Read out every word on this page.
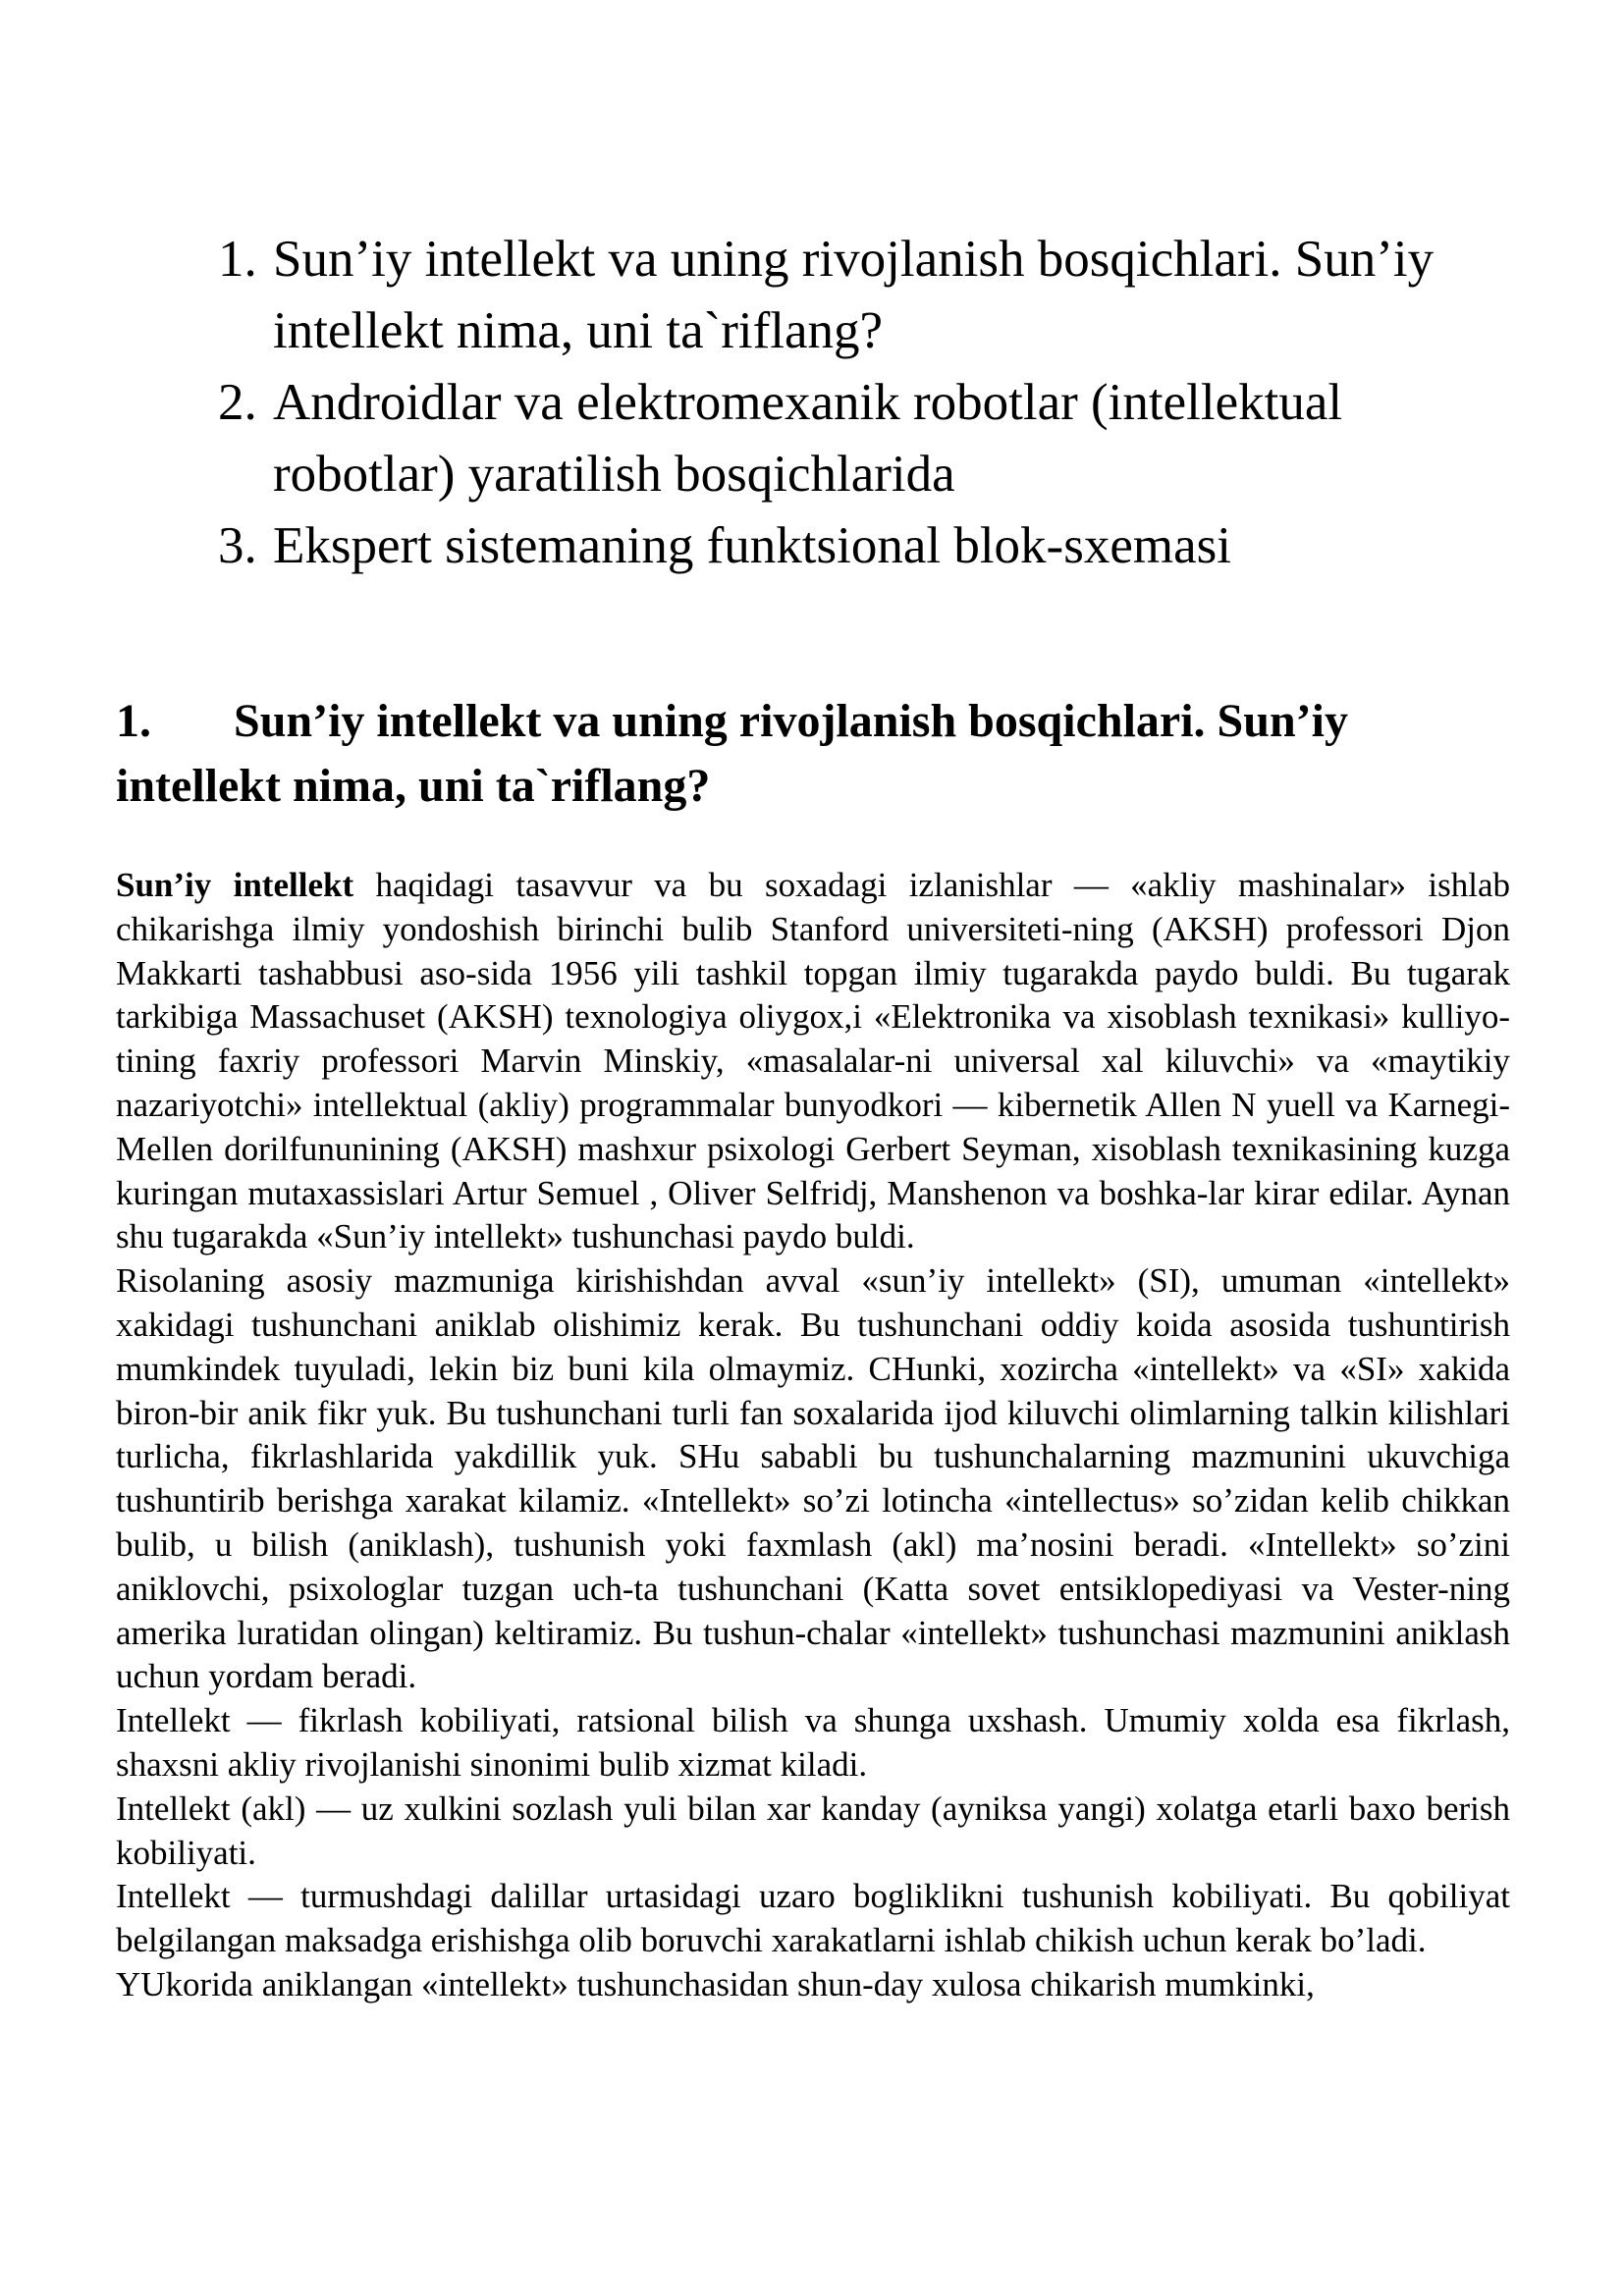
1. Sun’iy intellekt va uning rivojlanish bosqichlari. Sun’iy intellekt nima, uni ta`riflang?
2. Androidlar va elektromexanik robotlar (intellektual robotlar) yaratilish bosqichlarida
3. Ekspert sistemaning funktsional blok-sxemasi
1. Sun’iy intellekt va uning rivojlanish bosqichlari. Sun’iy intellekt nima, uni ta`riflang?

Sun’iy intellekt haqidagi tasavvur va bu soxadagi izlanishlar — «akliy mashinalar» ishlab chikarishga ilmiy yondoshish birinchi bulib Stanford universiteti-ning (AKSH) professori Djon Makkarti tashabbusi aso-sida 1956 yili tashkil topgan ilmiy tugarakda paydo buldi. Bu tugarak tarkibiga Massachuset (AKSH) texnologiya oliygox,i «Elektronika va xisoblash texnikasi» kulliyo-tining faxriy professori Marvin Minskiy, «masalalar-ni universal xal kiluvchi» va «maytikiy nazariyotchi» intellektual (akliy) programmalar bunyodkori — kibernetik Allen N yuell va Karnegi-Mellen dorilfununining (AKSH) mashxur psixologi Gerbert Seyman, xisoblash texnikasining kuzga kuringan mutaxassislari Artur Semuel , Oliver Selfridj, Manshenon va boshka-lar kirar edilar. Aynan shu tugarakda «Sun’iy intellekt» tushunchasi paydo buldi.

Risolaning asosiy mazmuniga kirishishdan avval «sun’iy intellekt» (SI), umuman «intellekt» xakidagi tushunchani aniklab olishimiz kerak. Bu tushunchani oddiy koida asosida tushuntirish mumkindek tuyuladi, lekin biz buni kila olmaymiz. CHunki, xozircha «intellekt» va «SI» xakida biron-bir anik fikr yuk. Bu tushunchani turli fan soxalarida ijod kiluvchi olimlarning talkin kilishlari turlicha, fikrlashlarida yakdillik yuk. SHu sababli bu tushunchalarning mazmunini ukuvchiga tushuntirib berishga xarakat kilamiz. «Intellekt» so’zi lotincha «intellectus» so’zidan kelib chikkan bulib, u bilish (aniklash), tushunish yoki faxmlash (akl) ma’nosini beradi. «Intellekt» so’zini aniklovchi, psixologlar tuzgan uch-ta tushunchani (Katta sovet entsiklopediyasi va Vester-ning amerika luratidan olingan) keltiramiz. Bu tushun-chalar «intellekt» tushunchasi mazmunini aniklash uchun yordam beradi.

Intellekt — fikrlash kobiliyati, ratsional bilish va shunga uxshash. Umumiy xolda esa fikrlash, shaxsni akliy rivojlanishi sinonimi bulib xizmat kiladi.

Intellekt (akl) — uz xulkini sozlash yuli bilan xar kanday (ayniksa yangi) xolatga etarli baxo berish kobiliyati.

Intellekt — turmushdagi dalillar urtasidagi uzaro bogliklikni tushunish kobiliyati. Bu qobiliyat belgilangan maksadga erishishga olib boruvchi xarakatlarni ishlab chikish uchun kerak bo’ladi.

YUkorida aniklangan «intellekt» tushunchasidan shun-day xulosa chikarish mumkinki,
